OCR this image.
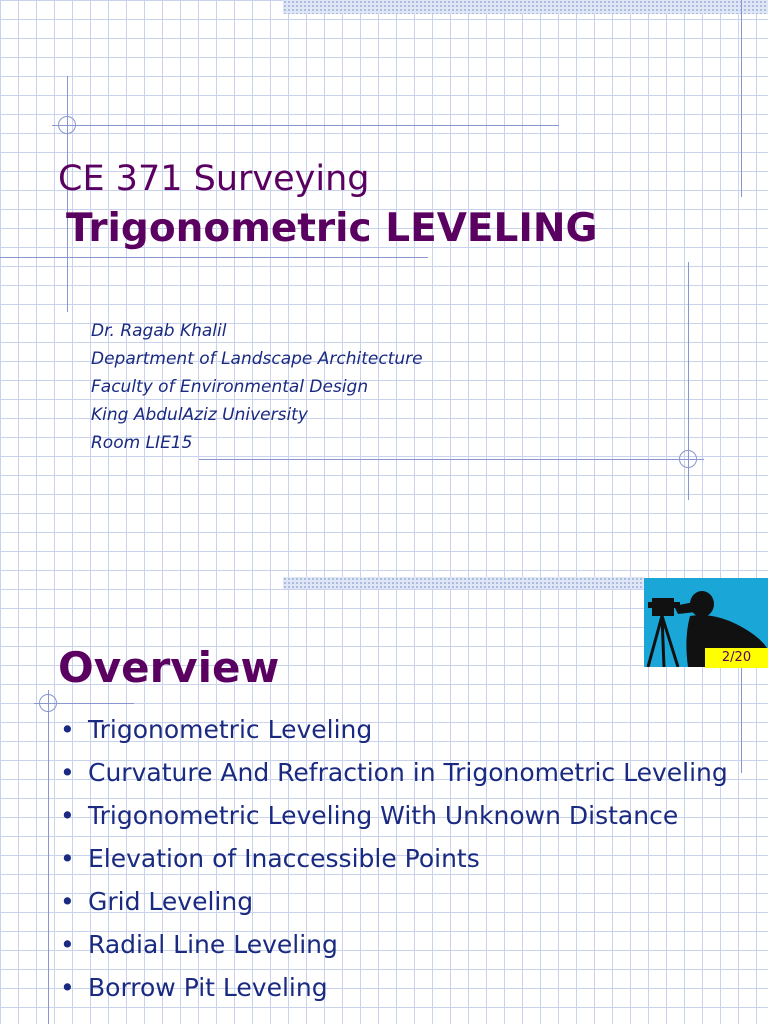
CE 371 Surveying
Trigonometric LEVELING
Dr. Ragab Khalil
Department of Landscape Architecture
Faculty of Environmental Design
King AbdulAziz University
Room LIE15
2/20
Overview
• Trigonometric Leveling
• Curvature And Refraction in Trigonometric Leveling
• Trigonometric Leveling With Unknown Distance
• Elevation of Inaccessible Points
• Grid Leveling
• Radial Line Leveling
• Borrow Pit Leveling
